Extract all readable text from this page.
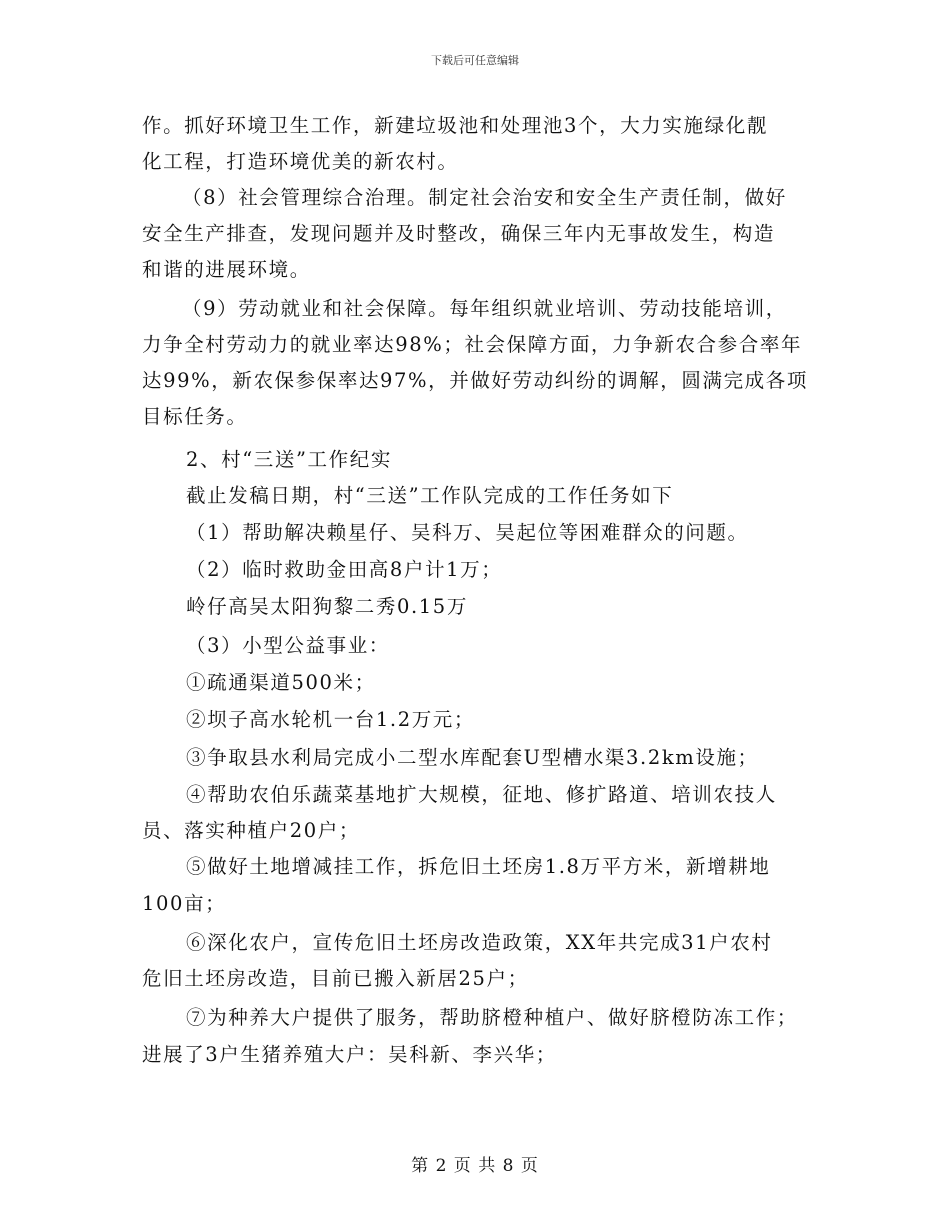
下载后可任意编辑
作。抓好环境卫生工作，新建垃圾池和处理池3个，大力实施绿化靓
化工程，打造环境优美的新农村。
（8）社会管理综合治理。制定社会治安和安全生产责任制，做好
安全生产排查，发现问题并及时整改，确保三年内无事故发生，构造
和谐的进展环境。
（9）劳动就业和社会保障。每年组织就业培训、劳动技能培训，
力争全村劳动力的就业率达98%；社会保障方面，力争新农合参合率年
达99%，新农保参保率达97%，并做好劳动纠纷的调解，圆满完成各项
目标任务。
2、村“三送”工作纪实
截止发稿日期，村“三送”工作队完成的工作任务如下
（1）帮助解决赖星仔、吴科万、吴起位等困难群众的问题。
（2）临时救助金田高8户计1万；
岭仔高吴太阳狗黎二秀0.15万
（3）小型公益事业：
①疏通渠道500米；
②坝子高水轮机一台1.2万元；
③争取县水利局完成小二型水库配套U型槽水渠3.2km设施；
④帮助农伯乐蔬菜基地扩大规模，征地、修扩路道、培训农技人
员、落实种植户20户；
⑤做好土地增减挂工作，拆危旧土坯房1.8万平方米，新增耕地
100亩；
⑥深化农户，宣传危旧土坯房改造政策，XX年共完成31户农村
危旧土坯房改造，目前已搬入新居25户；
⑦为种养大户提供了服务，帮助脐橙种植户、做好脐橙防冻工作；
进展了3户生猪养殖大户：吴科新、李兴华；
第 2 页 共 8 页
